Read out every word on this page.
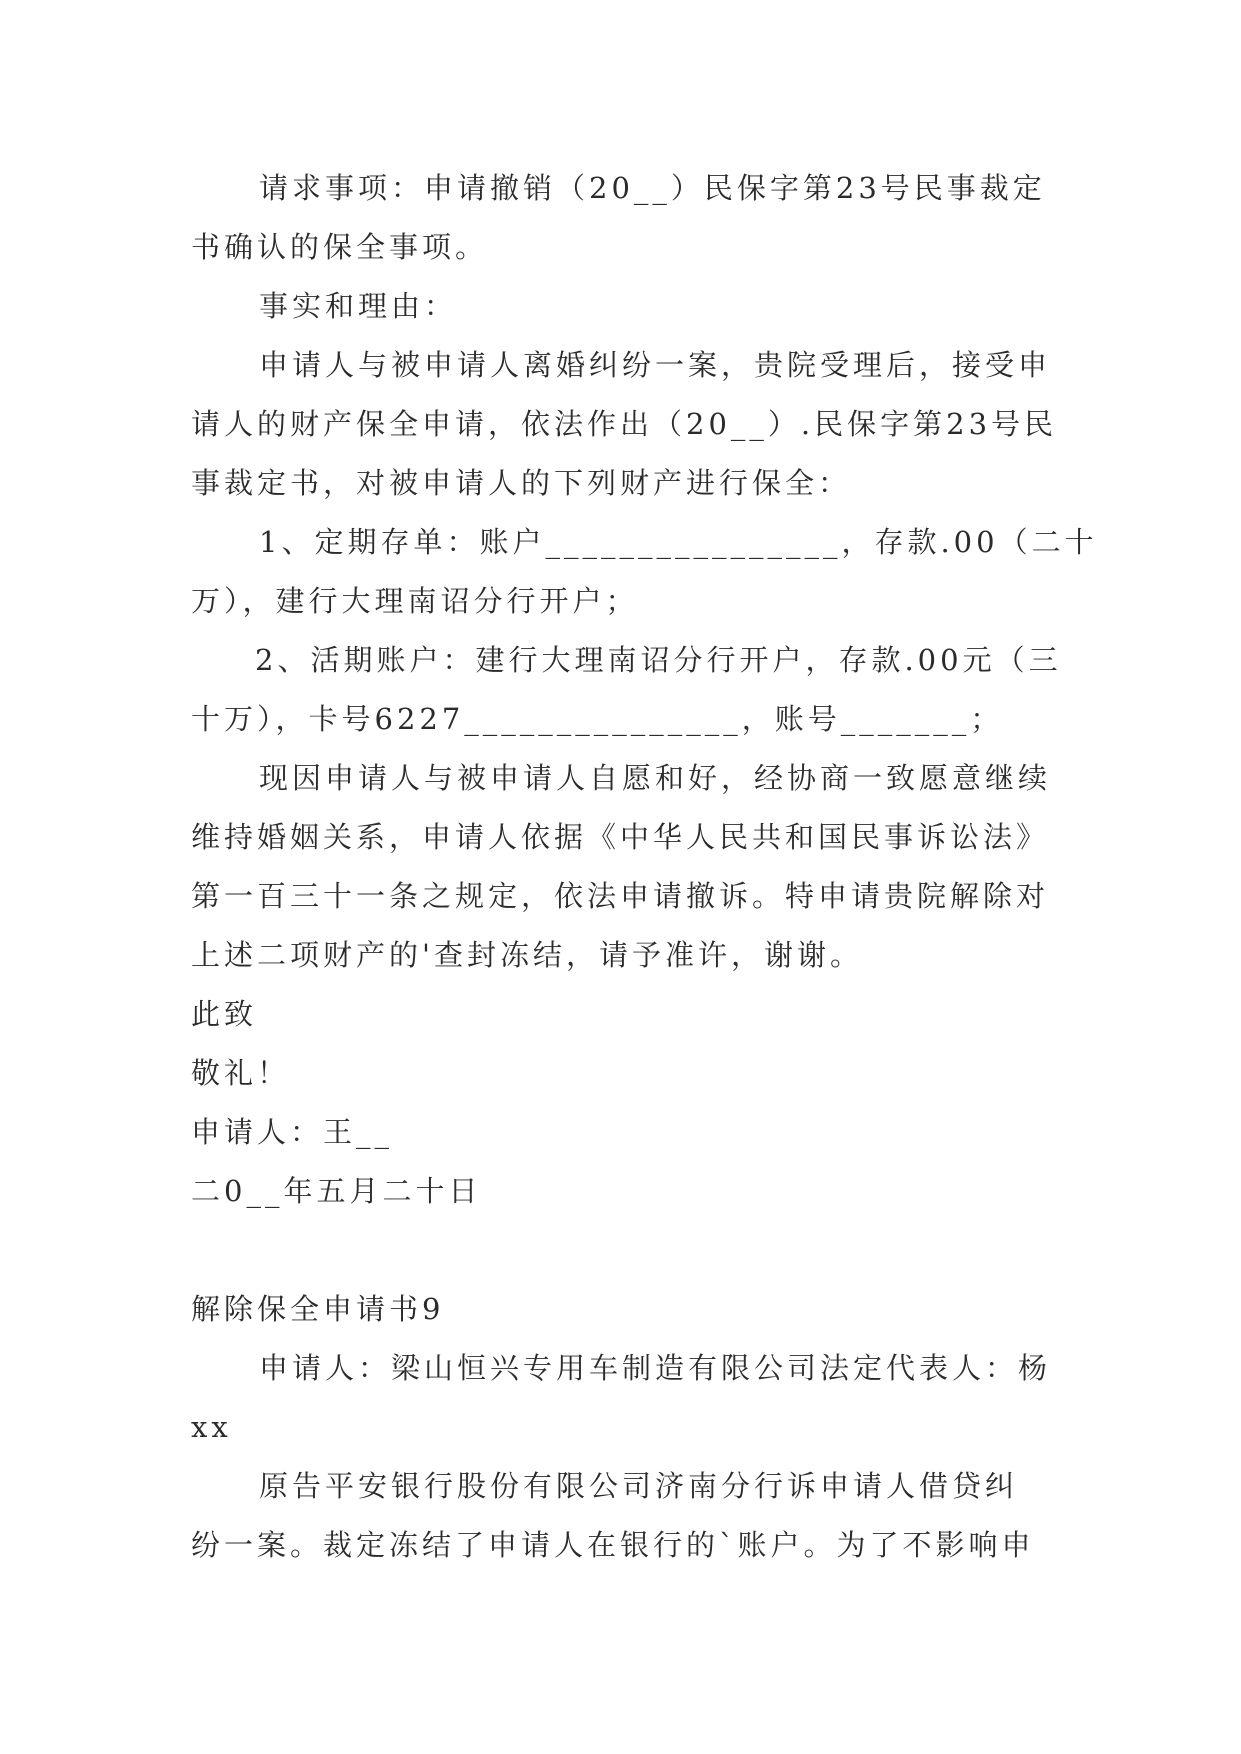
请求事项：申请撤销（20__）民保字第23号民事裁定
书确认的保全事项。
事实和理由：
申请人与被申请人离婚纠纷一案，贵院受理后，接受申
请人的财产保全申请，依法作出（20__）.民保字第23号民
事裁定书，对被申请人的下列财产进行保全：
1、定期存单：账户________________，存款.00（二十
万），建行大理南诏分行开户；
2、活期账户：建行大理南诏分行开户，存款.00元（三
十万），卡号6227_______________，账号_______；
现因申请人与被申请人自愿和好，经协商一致愿意继续
维持婚姻关系，申请人依据《中华人民共和国民事诉讼法》
第一百三十一条之规定，依法申请撤诉。特申请贵院解除对
上述二项财产的'查封冻结，请予准许，谢谢。
此致
敬礼！
申请人：王__
二0__年五月二十日
解除保全申请书9
申请人：梁山恒兴专用车制造有限公司法定代表人：杨
xx
原告平安银行股份有限公司济南分行诉申请人借贷纠
纷一案。裁定冻结了申请人在银行的`账户。为了不影响申
